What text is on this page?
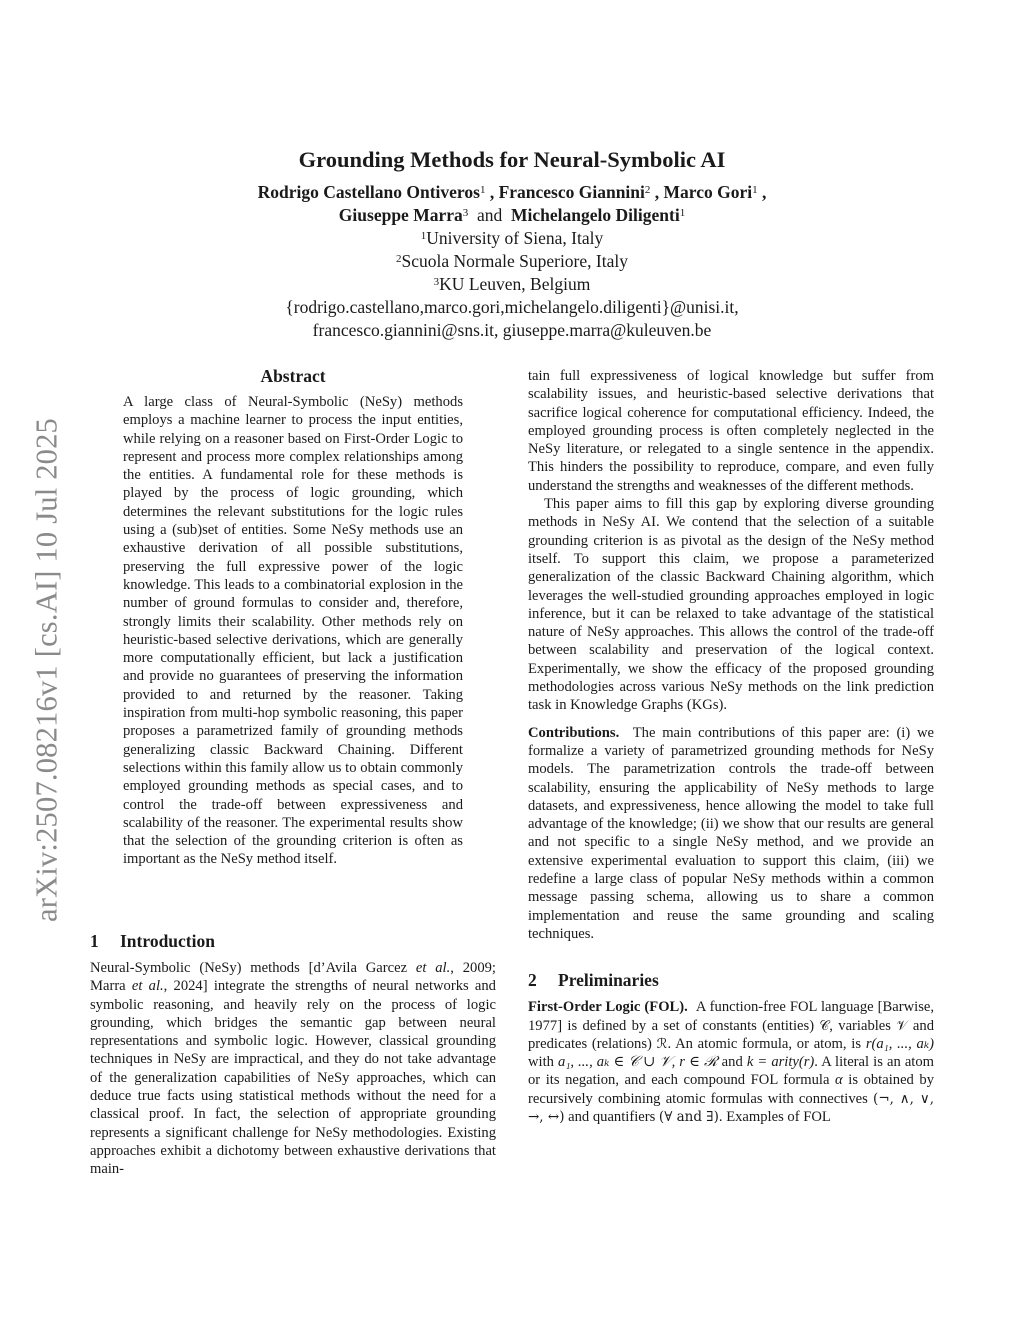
arXiv:2507.08216v1 [cs.AI] 10 Jul 2025
Grounding Methods for Neural-Symbolic AI
Rodrigo Castellano Ontiveros$^1$ , Francesco Giannini$^2$ , Marco Gori$^1$ ,
Giuseppe Marra$^3$ and Michelangelo Diligenti$^1$
$^1$University of Siena, Italy
$^2$Scuola Normale Superiore, Italy
$^3$KU Leuven, Belgium
{rodrigo.castellano,marco.gori,michelangelo.diligenti}@unisi.it,
francesco.giannini@sns.it, giuseppe.marra@kuleuven.be
Abstract

A large class of Neural-Symbolic (NeSy) methods employs a machine learner to process the input entities, while relying on a reasoner based on First-Order Logic to represent and process more complex relationships among the entities. A fundamental role for these methods is played by the process of logic grounding, which determines the relevant substitutions for the logic rules using a (sub)set of entities. Some NeSy methods use an exhaustive derivation of all possible substitutions, preserving the full expressive power of the logic knowledge. This leads to a combinatorial explosion in the number of ground formulas to consider and, therefore, strongly limits their scalability. Other methods rely on heuristic-based selective derivations, which are generally more computationally efficient, but lack a justification and provide no guarantees of preserving the information provided to and returned by the reasoner. Taking inspiration from multi-hop symbolic reasoning, this paper proposes a parametrized family of grounding methods generalizing classic Backward Chaining. Different selections within this family allow us to obtain commonly employed grounding methods as special cases, and to control the trade-off between expressiveness and scalability of the reasoner. The experimental results show that the selection of the grounding criterion is often as important as the NeSy method itself.

1 Introduction

Neural-Symbolic (NeSy) methods [d’Avila Garcez et al., 2009; Marra et al., 2024] integrate the strengths of neural networks and symbolic reasoning, and heavily rely on the process of logic grounding, which bridges the semantic gap between neural representations and symbolic logic. However, classical grounding techniques in NeSy are impractical, and they do not take advantage of the generalization capabilities of NeSy approaches, which can deduce true facts using statistical methods without the need for a classical proof. In fact, the selection of appropriate grounding represents a significant challenge for NeSy methodologies. Existing approaches exhibit a dichotomy between exhaustive derivations that main-

tain full expressiveness of logical knowledge but suffer from scalability issues, and heuristic-based selective derivations that sacrifice logical coherence for computational efficiency. Indeed, the employed grounding process is often completely neglected in the NeSy literature, or relegated to a single sentence in the appendix. This hinders the possibility to reproduce, compare, and even fully understand the strengths and weaknesses of the different methods.

This paper aims to fill this gap by exploring diverse grounding methods in NeSy AI. We contend that the selection of a suitable grounding criterion is as pivotal as the design of the NeSy method itself. To support this claim, we propose a parameterized generalization of the classic Backward Chaining algorithm, which leverages the well-studied grounding approaches employed in logic inference, but it can be relaxed to take advantage of the statistical nature of NeSy approaches. This allows the control of the trade-off between scalability and preservation of the logical context. Experimentally, we show the efficacy of the proposed grounding methodologies across various NeSy methods on the link prediction task in Knowledge Graphs (KGs).

Contributions. The main contributions of this paper are: (i) we formalize a variety of parametrized grounding methods for NeSy models. The parametrization controls the trade-off between scalability, ensuring the applicability of NeSy methods to large datasets, and expressiveness, hence allowing the model to take full advantage of the knowledge; (ii) we show that our results are general and not specific to a single NeSy method, and we provide an extensive experimental evaluation to support this claim, (iii) we redefine a large class of popular NeSy methods within a common message passing schema, allowing us to share a common implementation and reuse the same grounding and scaling techniques.

2 Preliminaries

First-Order Logic (FOL). A function-free FOL language [Barwise, 1977] is defined by a set of constants (entities) 𝒞, variables 𝒱 and predicates (relations) ℛ. An atomic formula, or atom, is r(a₁, ..., aₖ) with a₁, ..., aₖ ∈ 𝒞 ∪ 𝒱, r ∈ ℛ and k = arity(r). A literal is an atom or its negation, and each compound FOL formula α is obtained by recursively combining atomic formulas with connectives (¬, ∧, ∨, →, ↔) and quantifiers (∀ and ∃). Examples of FOL
